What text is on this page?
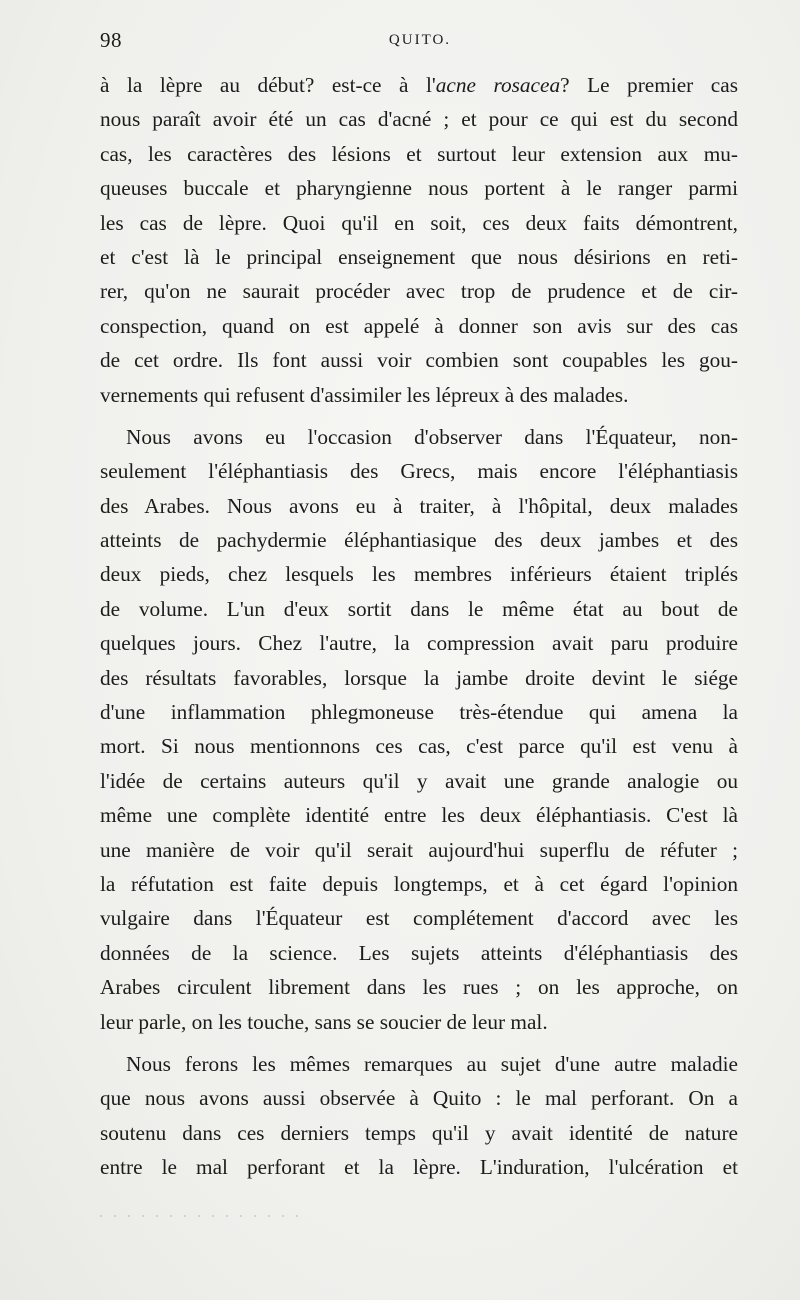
98	QUITO.
à la lèpre au début? est-ce à l'acne rosacea? Le premier cas
nous paraît avoir été un cas d'acné ; et pour ce qui est du second
cas, les caractères des lésions et surtout leur extension aux mu-
queuses buccale et pharyngienne nous portent à le ranger parmi
les cas de lèpre. Quoi qu'il en soit, ces deux faits démontrent,
et c'est là le principal enseignement que nous désirions en reti-
rer, qu'on ne saurait procéder avec trop de prudence et de cir-
conspection, quand on est appelé à donner son avis sur des cas
de cet ordre. Ils font aussi voir combien sont coupables les gou-
vernements qui refusent d'assimiler les lépreux à des malades.
Nous avons eu l'occasion d'observer dans l'Équateur, non-
seulement l'éléphantiasis des Grecs, mais encore l'éléphantiasis
des Arabes. Nous avons eu à traiter, à l'hôpital, deux malades
atteints de pachydermie éléphantiasique des deux jambes et des
deux pieds, chez lesquels les membres inférieurs étaient triplés
de volume. L'un d'eux sortit dans le même état au bout de
quelques jours. Chez l'autre, la compression avait paru produire
des résultats favorables, lorsque la jambe droite devint le siége
d'une inflammation phlegmoneuse très-étendue qui amena la
mort. Si nous mentionnons ces cas, c'est parce qu'il est venu à
l'idée de certains auteurs qu'il y avait une grande analogie ou
même une complète identité entre les deux éléphantiasis. C'est là
une manière de voir qu'il serait aujourd'hui superflu de réfuter ;
la réfutation est faite depuis longtemps, et à cet égard l'opinion
vulgaire dans l'Équateur est complétement d'accord avec les
données de la science. Les sujets atteints d'éléphantiasis des
Arabes circulent librement dans les rues ; on les approche, on
leur parle, on les touche, sans se soucier de leur mal.
Nous ferons les mêmes remarques au sujet d'une autre maladie
que nous avons aussi observée à Quito : le mal perforant. On a
soutenu dans ces derniers temps qu'il y avait identité de nature
entre le mal perforant et la lèpre. L'induration, l'ulcération et
